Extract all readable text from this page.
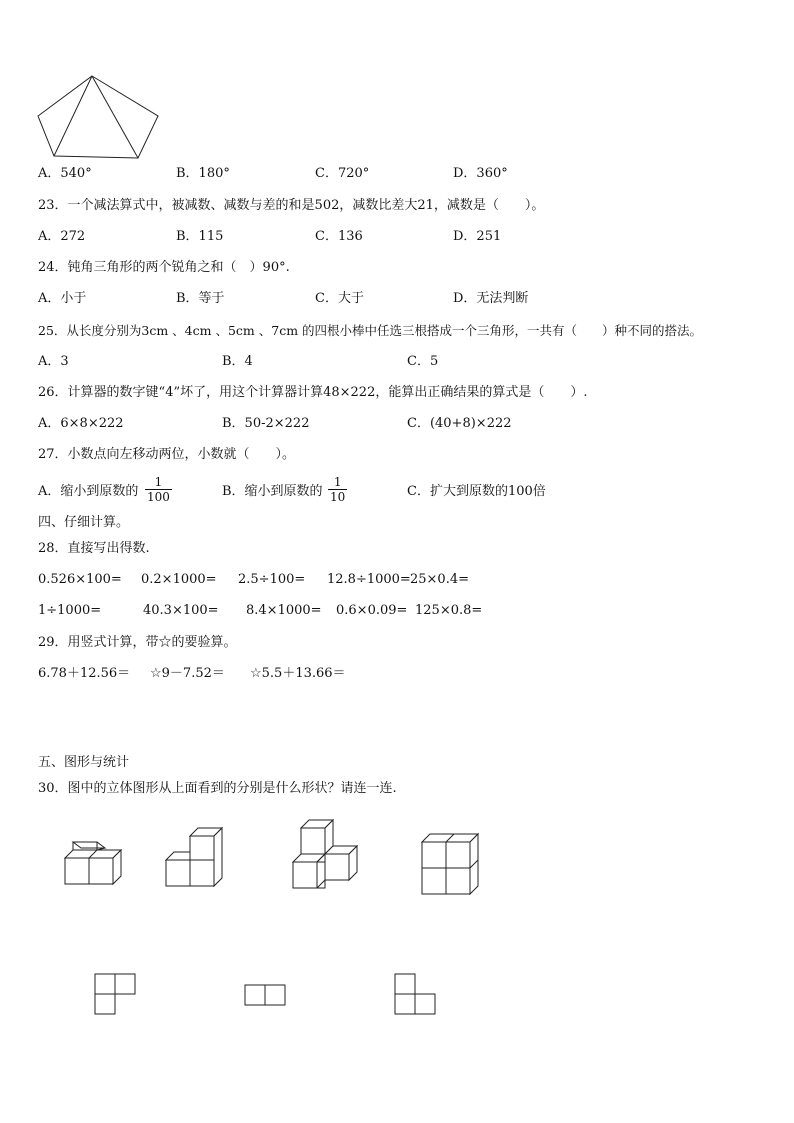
A．540°	B．180°	C．720°	D．360°
23．一个减法算式中，被减数、减数与差的和是502，减数比差大21，减数是（　　）。
A．272	B．115	C．136	D．251
24．钝角三角形的两个锐角之和（　）90°.
A．小于	B．等于	C．大于	D．无法判断
25．从长度分别为3cm 、4cm 、5cm 、7cm 的四根小棒中任选三根搭成一个三角形，一共有（　　）种不同的搭法。
A．3	B．4	C．5
26．计算器的数字键“4”坏了，用这个计算器计算48×222，能算出正确结果的算式是（　　）.
A．6×8×222	B．50-2×222	C．(40+8)×222
27．小数点向左移动两位，小数就（　　）。
A．缩小到原数的 $\frac{1}{100}$	B．缩小到原数的 $\frac{1}{10}$	C．扩大到原数的100倍
四、仔细计算。
28．直接写出得数.
0.526×100= 0.2×1000= 2.5÷100= 12.8÷1000= 25×0.4=
1÷1000=	40.3×100= 8.4×1000= 0.6×0.09= 125×0.8=
29．用竖式计算，带☆的要验算。
6.78＋12.56＝ ☆9－7.52＝ ☆5.5＋13.66＝
五、图形与统计
30．图中的立体图形从上面看到的分别是什么形状？请连一连.
